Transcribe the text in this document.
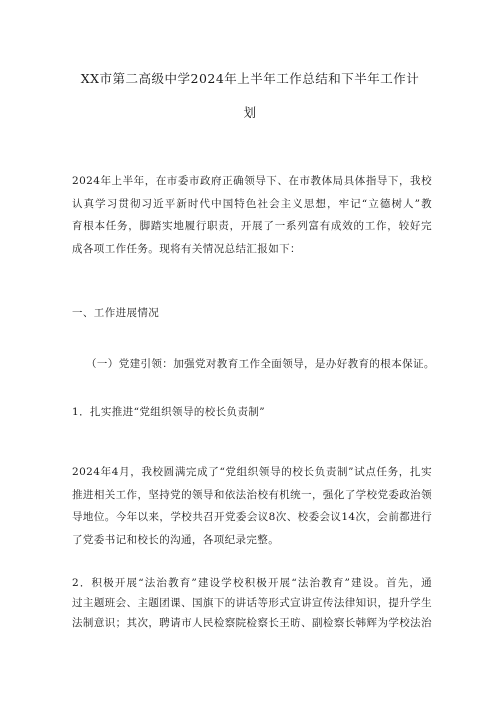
XX市第二高级中学2024年上半年工作总结和下半年工作计
划
2024年上半年，在市委市政府正确领导下、在市教体局具体指导下，我校
认真学习贯彻习近平新时代中国特色社会主义思想，牢记“立德树人”教
育根本任务，脚踏实地履行职责，开展了一系列富有成效的工作，较好完
成各项工作任务。现将有关情况总结汇报如下：
一、工作进展情况
（一）党建引领：加强党对教育工作全面领导，是办好教育的根本保证。
1．扎实推进“党组织领导的校长负责制”
2024年4月，我校圆满完成了“党组织领导的校长负责制”试点任务，扎实
推进相关工作，坚持党的领导和依法治校有机统一，强化了学校党委政治领
导地位。今年以来，学校共召开党委会议8次、校委会议14次，会前都进行
了党委书记和校长的沟通，各项纪录完整。
2．积极开展“法治教育”建设学校积极开展“法治教育”建设。首先，通
过主题班会、主题团课、国旗下的讲话等形式宣讲宣传法律知识，提升学生
法制意识；其次，聘请市人民检察院检察长王昉、副检察长韩辉为学校法治
